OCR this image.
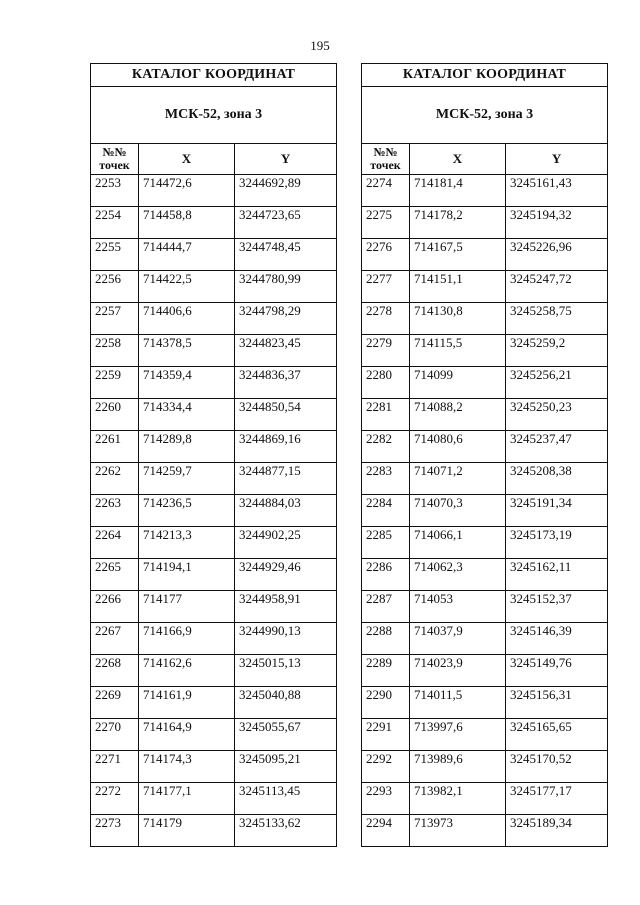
195
КАТАЛОГ КООРДИНАТ		
МСК-52, зона 3		
№№
точек	X	Y
2253	714472,6	3244692,89
2254	714458,8	3244723,65
2255	714444,7	3244748,45
2256	714422,5	3244780,99
2257	714406,6	3244798,29
2258	714378,5	3244823,45
2259	714359,4	3244836,37
2260	714334,4	3244850,54
2261	714289,8	3244869,16
2262	714259,7	3244877,15
2263	714236,5	3244884,03
2264	714213,3	3244902,25
2265	714194,1	3244929,46
2266	714177	3244958,91
2267	714166,9	3244990,13
2268	714162,6	3245015,13
2269	714161,9	3245040,88
2270	714164,9	3245055,67
2271	714174,3	3245095,21
2272	714177,1	3245113,45
2273	714179	3245133,62
КАТАЛОГ КООРДИНАТ		
МСК-52, зона 3		
№№
точек	X	Y
2274	714181,4	3245161,43
2275	714178,2	3245194,32
2276	714167,5	3245226,96
2277	714151,1	3245247,72
2278	714130,8	3245258,75
2279	714115,5	3245259,2
2280	714099	3245256,21
2281	714088,2	3245250,23
2282	714080,6	3245237,47
2283	714071,2	3245208,38
2284	714070,3	3245191,34
2285	714066,1	3245173,19
2286	714062,3	3245162,11
2287	714053	3245152,37
2288	714037,9	3245146,39
2289	714023,9	3245149,76
2290	714011,5	3245156,31
2291	713997,6	3245165,65
2292	713989,6	3245170,52
2293	713982,1	3245177,17
2294	713973	3245189,34
